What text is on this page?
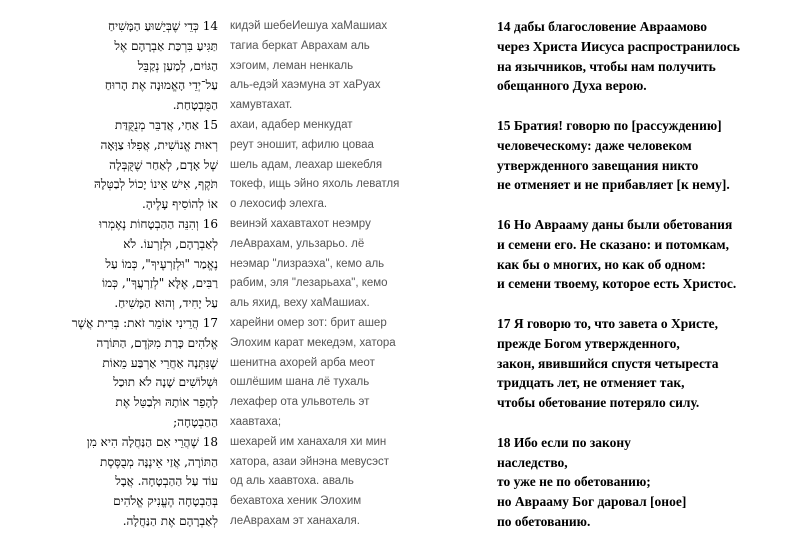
14 כְּדֵי שֶׁבְּיֵשׁוּעַ הַמָּשִׁיחַ
תַּגִּיעַ בִּרְכַּת אַבְרָהָם אֶל
הַגּוֹיִם, לְמַעַן נְקַבֵּל
עַל־יְדֵי הָאֱמוּנָה אֶת הָרוּחַ
הַמֻּבְטָחַת.
15 אַחַי, אֲדַבֵּר מְנֻקֻּדַּת
רְאוּת אֱנוֹשִׁית, אֲפִלּוּ צַוָּאָה
שֶׁל אָדָם, לְאַחַר שֶׁקֻּבְּלָה
תֹּקֶף, אִישׁ אֵינוֹ יָכוֹל לְבַטְּלָהּ
אוֹ לְהוֹסִיף עָלֶיהָ.
16 וְהִנֵּה הַהַבְטָחוֹת נֶאֶמְרוּ
לְאַבְרָהָם, וּלְזַרְעוֹ. לֹא
נֶאֱמַר "וּלְזַרְעֶיךָ", כְּמוֹ עַל
רַבִּים, אֶלָּא "לְזַרְעֲךָ", כְּמוֹ
עַל יָחִיד, וְהוּא הַמָּשִׁיחַ.
17 הֲרֵינִי אוֹמֵר זֹאת: בְּרִית אֲשֶׁר
אֱלֹהִים כָּרַת מִקֹּדֶם, הַתּוֹרָה
שֶׁנִּתְּנָה אַחֲרֵי אַרְבַּע מֵאוֹת
וּשְׁלוֹשִׁים שָׁנָה לֹא תוּכַל
לְהָפֵר אוֹתָהּ וּלְבַטֵּל אֶת
הַהַבְטָחָה;
18 שֶׁהֲרֵי אִם הַנַּחֲלָה הִיא מִן
הַתּוֹרָה, אֲזַי אֵינֶנָּה מְבֻסֶּסֶת
עוֹד עַל הַהַבְטָחָה. אֲבָל
בְּהַבְטָחָה הֶעֱנִיק אֱלֹהִים
לְאַבְרָהָם אֶת הַנַּחֲלָה.
кидэй шебеИешуа хаМашиах
тагиа беркат Авраxам аль
хэгоим, леман ненкаль
аль-едэй хаэмуна эт хаРуах
хамувтахат.
ахаи, адабер менкудат
реут эношит, афилю цоваа
шель адам, леахар шекебля
токеф, ищь эйно яхоль леватля
о лехосиф элехга.
веинэй хахавтахот неэмру
леАвраxам, ульзарьо. лё
неэмар "лизраэха", кемо аль
рабим, эля "лезарьаха", кемо
аль яхид, веху хаМашиах.
харейни омер зот: брит ашер
Элохим карат мекедэм, хатора
шенитна ахорей арба меот
ошлёшим шана лё тухаль
лехафер ота ульвотель эт
хаавтаха;
шехарей им ханахаля хи мин
хатора, азаи эйнэна мевусэст
од аль хаавтоха. аваль
бехавтоха хеник Элохим
леАвраxам эт ханахаля.
14 дабы благословение Авраамово
через Христа Иисуса распространилось
на язычников, чтобы нам получить
обещанного Духа верою.
15 Братия! говорю по [рассуждению]
человеческому: даже человеком
утвержденного завещания никто
не отменяет и не прибавляет [к нему].
16 Но Аврааму даны были обетования
и семени его. Не сказано: и потомкам,
как бы о многих, но как об одном:
и семени твоему, которое есть Христос.
17 Я говорю то, что завета о Христе,
прежде Богом утвержденного,
закон, явившийся спустя четыреста
тридцать лет, не отменяет так,
чтобы обетование потеряло силу.
18 Ибо если по закону
наследство,
то уже не по обетованию;
но Аврааму Бог даровал [оное]
по обетованию.
